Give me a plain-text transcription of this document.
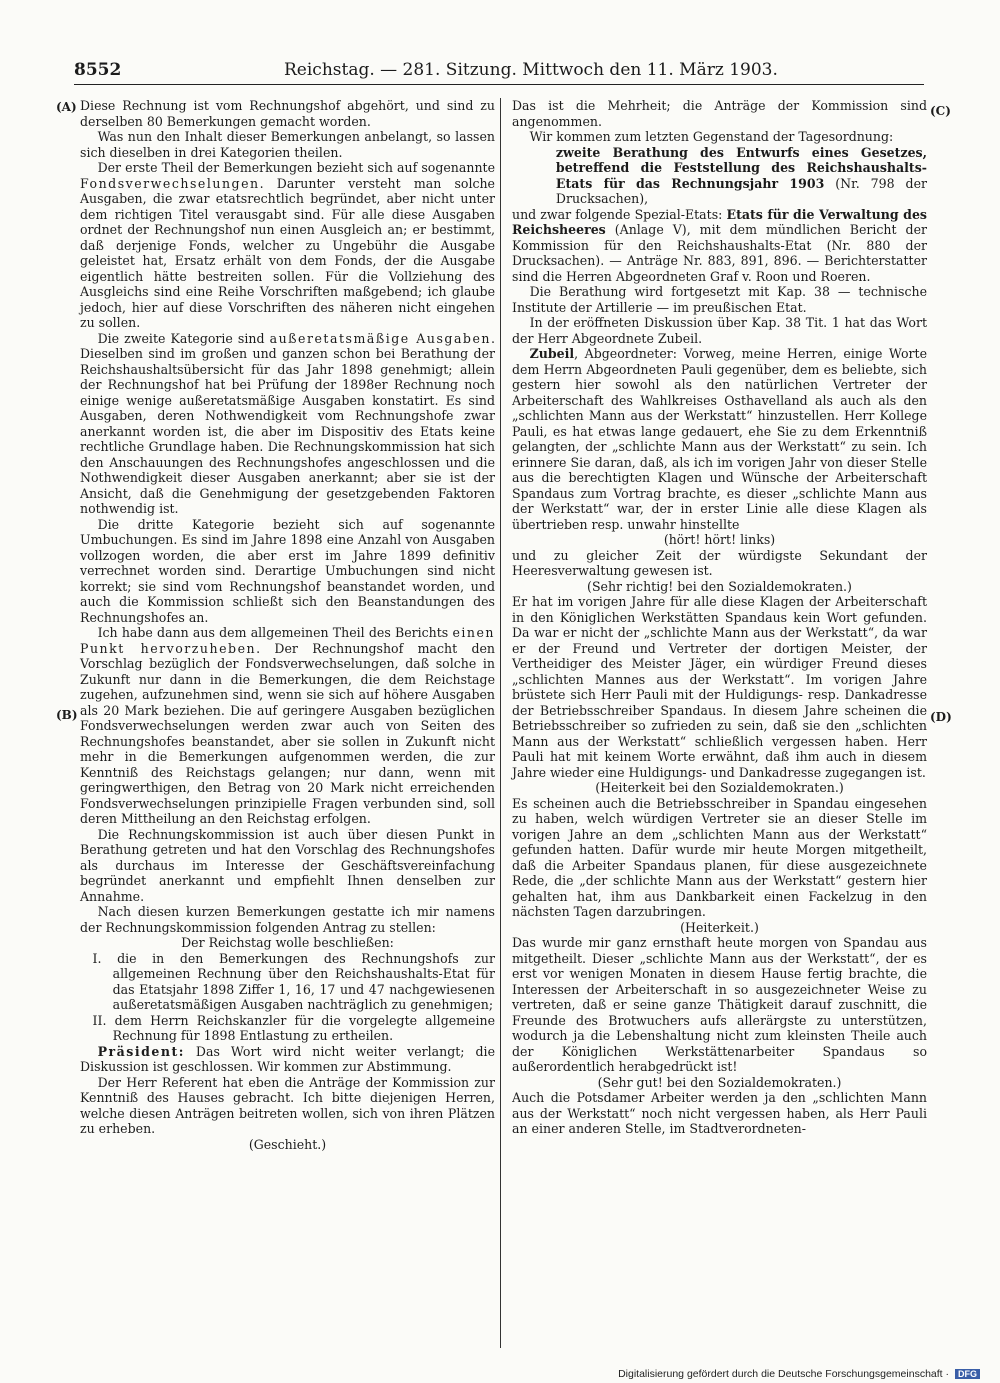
8552	Reichstag. — 281. Sitzung. Mittwoch den 11. März 1903.
(A)
(B)
(C)
(D)

Diese Rechnung ist vom Rechnungshof abgehört, und sind zu derselben 80 Bemerkungen gemacht worden.

Was nun den Inhalt dieser Bemerkungen anbelangt, so lassen sich dieselben in drei Kategorien theilen.

Der erste Theil der Bemerkungen bezieht sich auf sogenannte Fondsverwechselungen. Darunter versteht man solche Ausgaben, die zwar etatsrechtlich begründet, aber nicht unter dem richtigen Titel verausgabt sind. Für alle diese Ausgaben ordnet der Rechnungshof nun einen Ausgleich an; er bestimmt, daß derjenige Fonds, welcher zu Ungebühr die Ausgabe geleistet hat, Ersatz erhält von dem Fonds, der die Ausgabe eigentlich hätte bestreiten sollen. Für die Vollziehung des Ausgleichs sind eine Reihe Vorschriften maßgebend; ich glaube jedoch, hier auf diese Vorschriften des näheren nicht eingehen zu sollen.

Die zweite Kategorie sind außeretatsmäßige Ausgaben. Dieselben sind im großen und ganzen schon bei Berathung der Reichshaushaltsübersicht für das Jahr 1898 genehmigt; allein der Rechnungshof hat bei Prüfung der 1898er Rechnung noch einige wenige außeretatsmäßige Ausgaben konstatirt. Es sind Ausgaben, deren Nothwendigkeit vom Rechnungshofe zwar anerkannt worden ist, die aber im Dispositiv des Etats keine rechtliche Grundlage haben. Die Rechnungskommission hat sich den Anschauungen des Rechnungshofes angeschlossen und die Nothwendigkeit dieser Ausgaben anerkannt; aber sie ist der Ansicht, daß die Genehmigung der gesetzgebenden Faktoren nothwendig ist.

Die dritte Kategorie bezieht sich auf sogenannte Umbuchungen. Es sind im Jahre 1898 eine Anzahl von Ausgaben vollzogen worden, die aber erst im Jahre 1899 definitiv verrechnet worden sind. Derartige Umbuchungen sind nicht korrekt; sie sind vom Rechnungshof beanstandet worden, und auch die Kommission schließt sich den Beanstandungen des Rechnungshofes an.

Ich habe dann aus dem allgemeinen Theil des Berichts einen Punkt hervorzuheben. Der Rechnungshof macht den Vorschlag bezüglich der Fondsverwechselungen, daß solche in Zukunft nur dann in die Bemerkungen, die dem Reichstage zugehen, aufzunehmen sind, wenn sie sich auf höhere Ausgaben als 20 Mark beziehen. Die auf geringere Ausgaben bezüglichen Fondsverwechselungen werden zwar auch von Seiten des Rechnungshofes beanstandet, aber sie sollen in Zukunft nicht mehr in die Bemerkungen aufgenommen werden, die zur Kenntniß des Reichstags gelangen; nur dann, wenn mit geringwerthigen, den Betrag von 20 Mark nicht erreichenden Fondsverwechselungen prinzipielle Fragen verbunden sind, soll deren Mittheilung an den Reichstag erfolgen.

Die Rechnungskommission ist auch über diesen Punkt in Berathung getreten und hat den Vorschlag des Rechnungshofes als durchaus im Interesse der Geschäftsvereinfachung begründet anerkannt und empfiehlt Ihnen denselben zur Annahme.

Nach diesen kurzen Bemerkungen gestatte ich mir namens der Rechnungskommission folgenden Antrag zu stellen:

Der Reichstag wolle beschließen:

I. die in den Bemerkungen des Rechnungshofs zur allgemeinen Rechnung über den Reichshaushalts-Etat für das Etatsjahr 1898 Ziffer 1, 16, 17 und 47 nachgewiesenen außeretatsmäßigen Ausgaben nachträglich zu genehmigen;

II. dem Herrn Reichskanzler für die vorgelegte allgemeine Rechnung für 1898 Entlastung zu ertheilen.

Präsident: Das Wort wird nicht weiter verlangt; die Diskussion ist geschlossen. Wir kommen zur Abstimmung.

Der Herr Referent hat eben die Anträge der Kommission zur Kenntniß des Hauses gebracht. Ich bitte diejenigen Herren, welche diesen Anträgen beitreten wollen, sich von ihren Plätzen zu erheben.

(Geschieht.)

Das ist die Mehrheit; die Anträge der Kommission sind angenommen.

Wir kommen zum letzten Gegenstand der Tagesordnung:

zweite Berathung des Entwurfs eines Gesetzes, betreffend die Feststellung des Reichshaushalts-Etats für das Rechnungsjahr 1903 (Nr. 798 der Drucksachen),

und zwar folgende Spezial-Etats: Etats für die Verwaltung des Reichsheeres (Anlage V), mit dem mündlichen Bericht der Kommission für den Reichshaushalts-Etat (Nr. 880 der Drucksachen). — Anträge Nr. 883, 891, 896. — Berichterstatter sind die Herren Abgeordneten Graf v. Roon und Roeren.

Die Berathung wird fortgesetzt mit Kap. 38 — technische Institute der Artillerie — im preußischen Etat.

In der eröffneten Diskussion über Kap. 38 Tit. 1 hat das Wort der Herr Abgeordnete Zubeil.

Zubeil, Abgeordneter: Vorweg, meine Herren, einige Worte dem Herrn Abgeordneten Pauli gegenüber, dem es beliebte, sich gestern hier sowohl als den natürlichen Vertreter der Arbeiterschaft des Wahlkreises Osthavelland als auch als den „schlichten Mann aus der Werkstatt“ hinzustellen. Herr Kollege Pauli, es hat etwas lange gedauert, ehe Sie zu dem Erkenntniß gelangten, der „schlichte Mann aus der Werkstatt“ zu sein. Ich erinnere Sie daran, daß, als ich im vorigen Jahr von dieser Stelle aus die berechtigten Klagen und Wünsche der Arbeiterschaft Spandaus zum Vortrag brachte, es dieser „schlichte Mann aus der Werkstatt“ war, der in erster Linie alle diese Klagen als übertrieben resp. unwahr hinstellte

(hört! hört! links)

und zu gleicher Zeit der würdigste Sekundant der Heeresverwaltung gewesen ist.

(Sehr richtig! bei den Sozialdemokraten.)

Er hat im vorigen Jahre für alle diese Klagen der Arbeiterschaft in den Königlichen Werkstätten Spandaus kein Wort gefunden. Da war er nicht der „schlichte Mann aus der Werkstatt“, da war er der Freund und Vertreter der dortigen Meister, der Vertheidiger des Meister Jäger, ein würdiger Freund dieses „schlichten Mannes aus der Werkstatt“. Im vorigen Jahre brüstete sich Herr Pauli mit der Huldigungs- resp. Dankadresse der Betriebsschreiber Spandaus. In diesem Jahre scheinen die Betriebsschreiber so zufrieden zu sein, daß sie den „schlichten Mann aus der Werkstatt“ schließlich vergessen haben. Herr Pauli hat mit keinem Worte erwähnt, daß ihm auch in diesem Jahre wieder eine Huldigungs- und Dankadresse zugegangen ist.

(Heiterkeit bei den Sozialdemokraten.)

Es scheinen auch die Betriebsschreiber in Spandau eingesehen zu haben, welch würdigen Vertreter sie an dieser Stelle im vorigen Jahre an dem „schlichten Mann aus der Werkstatt“ gefunden hatten. Dafür wurde mir heute Morgen mitgetheilt, daß die Arbeiter Spandaus planen, für diese ausgezeichnete Rede, die „der schlichte Mann aus der Werkstatt“ gestern hier gehalten hat, ihm aus Dankbarkeit einen Fackelzug in den nächsten Tagen darzubringen.

(Heiterkeit.)

Das wurde mir ganz ernsthaft heute morgen von Spandau aus mitgetheilt. Dieser „schlichte Mann aus der Werkstatt“, der es erst vor wenigen Monaten in diesem Hause fertig brachte, die Interessen der Arbeiterschaft in so ausgezeichneter Weise zu vertreten, daß er seine ganze Thätigkeit darauf zuschnitt, die Freunde des Brotwuchers aufs allerärgste zu unterstützen, wodurch ja die Lebenshaltung nicht zum kleinsten Theile auch der Königlichen Werkstättenarbeiter Spandaus so außerordentlich herabgedrückt ist!

(Sehr gut! bei den Sozialdemokraten.)

Auch die Potsdamer Arbeiter werden ja den „schlichten Mann aus der Werkstatt“ noch nicht vergessen haben, als Herr Pauli an einer anderen Stelle, im Stadtverordneten-

Digitalisierung gefördert durch die Deutsche Forschungsgemeinschaft · DFG
